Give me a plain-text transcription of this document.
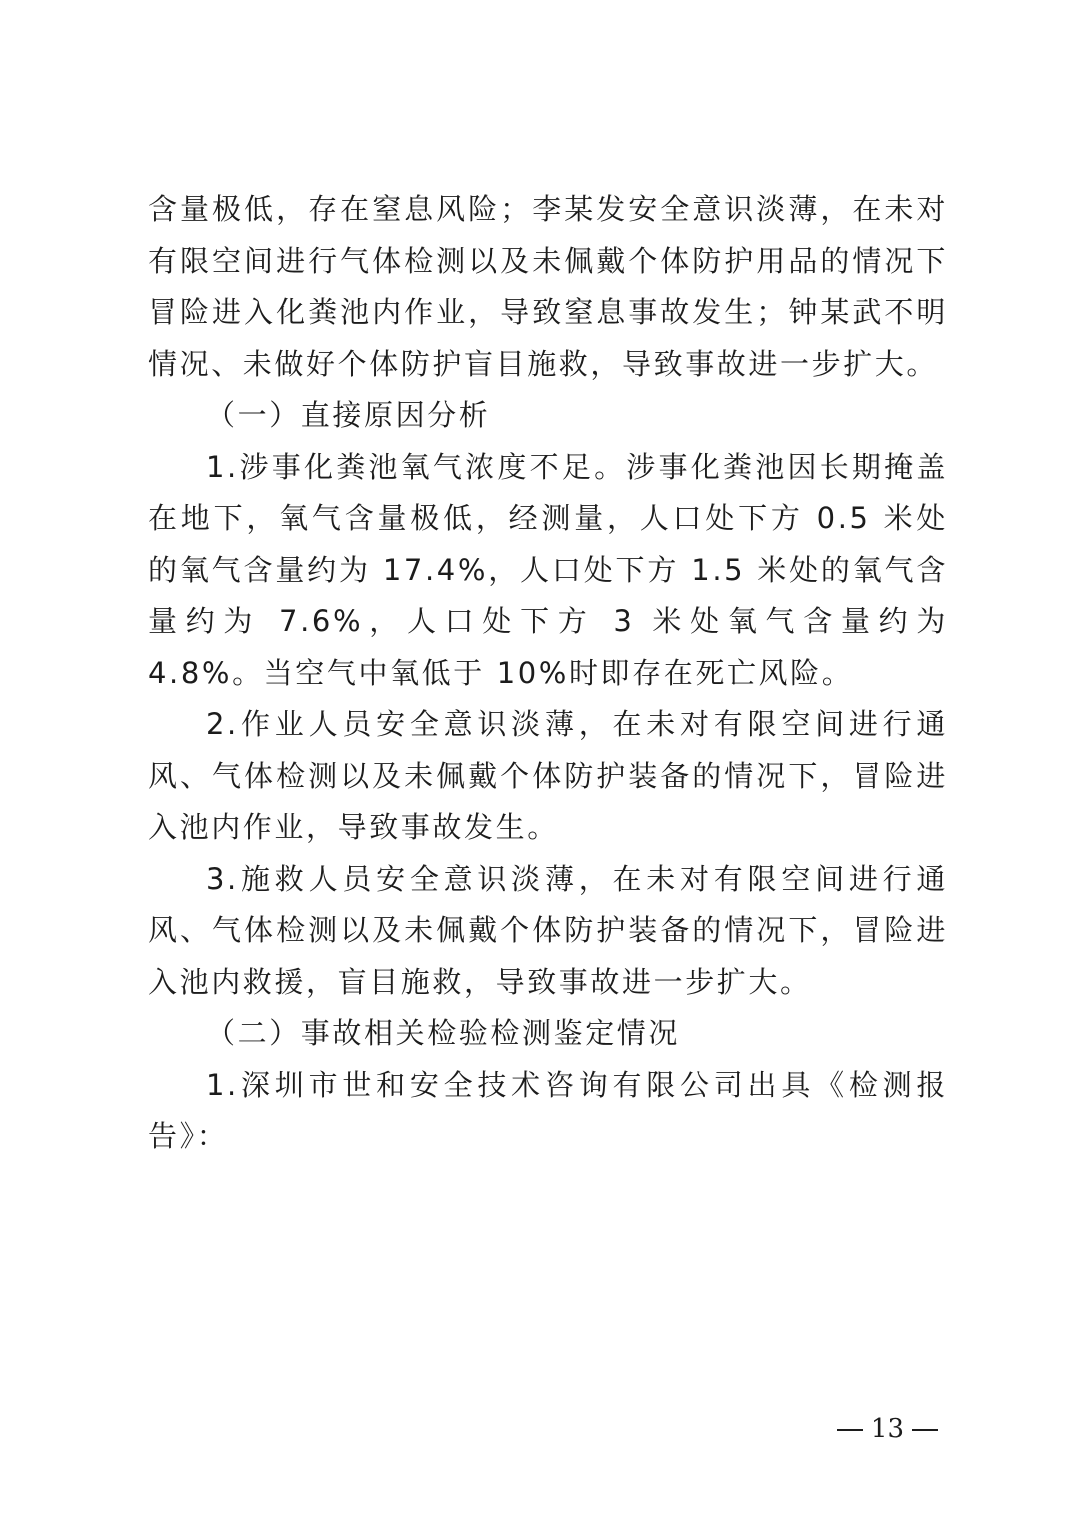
含量极低，存在窒息风险；李某发安全意识淡薄，在未对有限空间进行气体检测以及未佩戴个体防护用品的情况下冒险进入化粪池内作业，导致窒息事故发生；钟某武不明情况、未做好个体防护盲目施救，导致事故进一步扩大。

（一）直接原因分析

1.涉事化粪池氧气浓度不足。涉事化粪池因长期掩盖在地下，氧气含量极低，经测量，人口处下方 0.5 米处的氧气含量约为 17.4%，人口处下方 1.5 米处的氧气含量约为 7.6%，人口处下方 3 米处氧气含量约为 4.8%。当空气中氧低于 10%时即存在死亡风险。

2.作业人员安全意识淡薄，在未对有限空间进行通风、气体检测以及未佩戴个体防护装备的情况下，冒险进入池内作业，导致事故发生。

3.施救人员安全意识淡薄，在未对有限空间进行通风、气体检测以及未佩戴个体防护装备的情况下，冒险进入池内救援，盲目施救，导致事故进一步扩大。

（二）事故相关检验检测鉴定情况

1.深圳市世和安全技术咨询有限公司出具《检测报告》：

13
